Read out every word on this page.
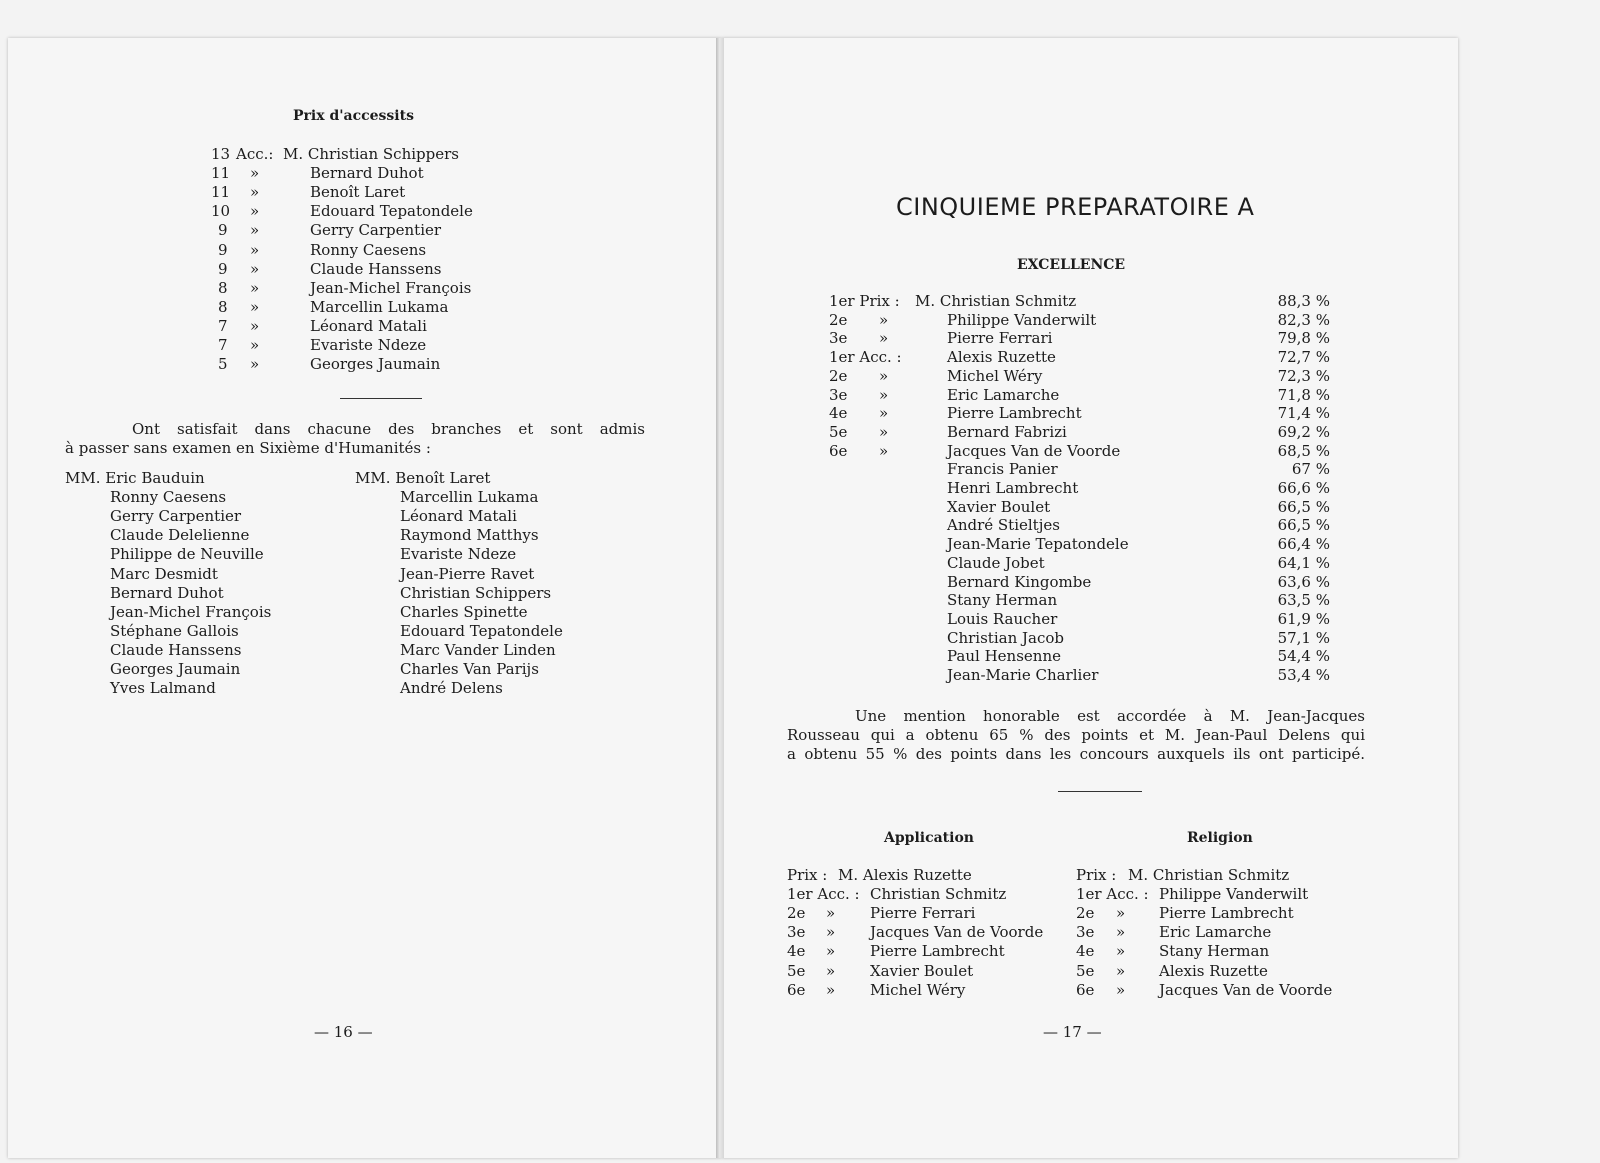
Prix d'accessits
13 Acc.: M. Christian Schippers
11 »	Bernard Duhot
11 »	Benoît Laret
10 »	Edouard Tepatondele
9 »	Gerry Carpentier
9 »	Ronny Caesens
9 »	Claude Hanssens
8 »	Jean-Michel François
8 »	Marcellin Lukama
7 »	Léonard Matali
7 »	Evariste Ndeze
5 »	Georges Jaumain
Ont satisfait dans chacune des branches et sont admis
à passer sans examen en Sixième d'Humanités :
MM. Eric Bauduin
Ronny Caesens
Gerry Carpentier
Claude Delelienne
Philippe de Neuville
Marc Desmidt
Bernard Duhot
Jean-Michel François
Stéphane Gallois
Claude Hanssens
Georges Jaumain
Yves Lalmand
MM. Benoît Laret
Marcellin Lukama
Léonard Matali
Raymond Matthys
Evariste Ndeze
Jean-Pierre Ravet
Christian Schippers
Charles Spinette
Edouard Tepatondele
Marc Vander Linden
Charles Van Parijs
André Delens
— 16 —
CINQUIEME PREPARATOIRE A
EXCELLENCE
1er Prix : M. Christian Schmitz	88,3 %
2e »	Philippe Vanderwilt	82,3 %
3e »	Pierre Ferrari	79,8 %
1er Acc. :	Alexis Ruzette	72,7 %
2e »	Michel Wéry	72,3 %
3e »	Eric Lamarche	71,8 %
4e »	Pierre Lambrecht	71,4 %
5e »	Bernard Fabrizi	69,2 %
6e »	Jacques Van de Voorde	68,5 %
Francis Panier	67 %
Henri Lambrecht	66,6 %
Xavier Boulet	66,5 %
André Stieltjes	66,5 %
Jean-Marie Tepatondele	66,4 %
Claude Jobet	64,1 %
Bernard Kingombe	63,6 %
Stany Herman	63,5 %
Louis Raucher	61,9 %
Christian Jacob	57,1 %
Paul Hensenne	54,4 %
Jean-Marie Charlier	53,4 %
Une mention honorable est accordée à M. Jean-Jacques
Rousseau qui a obtenu 65 % des points et M. Jean-Paul Delens qui
a obtenu 55 % des points dans les concours auxquels ils ont participé.
Application	Religion
Prix : M. Alexis Ruzette
1er Acc. : Christian Schmitz
2e » Pierre Ferrari
3e » Jacques Van de Voorde
4e » Pierre Lambrecht
5e » Xavier Boulet
6e » Michel Wéry
Prix : M. Christian Schmitz
1er Acc. : Philippe Vanderwilt
2e » Pierre Lambrecht
3e » Eric Lamarche
4e » Stany Herman
5e » Alexis Ruzette
6e » Jacques Van de Voorde
— 17 —
